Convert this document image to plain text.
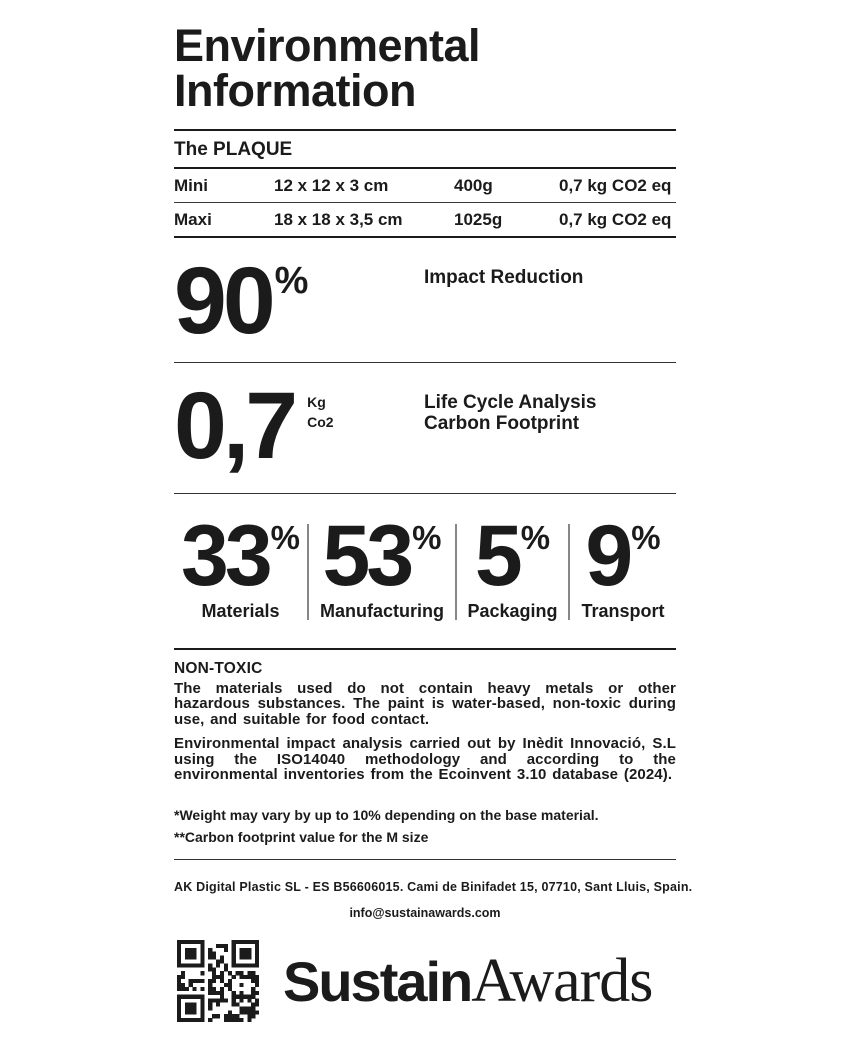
Environmental
Information
The PLAQUE
Mini	12 x 12 x 3 cm	400g	0,7 kg CO2 eq
Maxi	18 x 18 x 3,5 cm	1025g	0,7 kg CO2 eq
90 %	Impact Reduction
0,7 Kg
Co2
Life Cycle Analysis
Carbon Footprint
33 %
Materials
53 %
Manufacturing
5 %
Packaging
9 %
Transport
NON-TOXIC

The materials used do not contain heavy metals or other hazardous substances. The paint is water-based, non-toxic during use, and suitable for food contact.

Environmental impact analysis carried out by Inèdit Innovació, S.L using the ISO14040 methodology and according to the environmental inventories from the Ecoinvent 3.10 database (2024).

*Weight may vary by up to 10% depending on the base material.
**Carbon footprint value for the M size
AK Digital Plastic SL - ES B56606015. Cami de Binifadet 15, 07710, Sant Lluis, Spain.
info@sustainawards.com
SustainAwards
